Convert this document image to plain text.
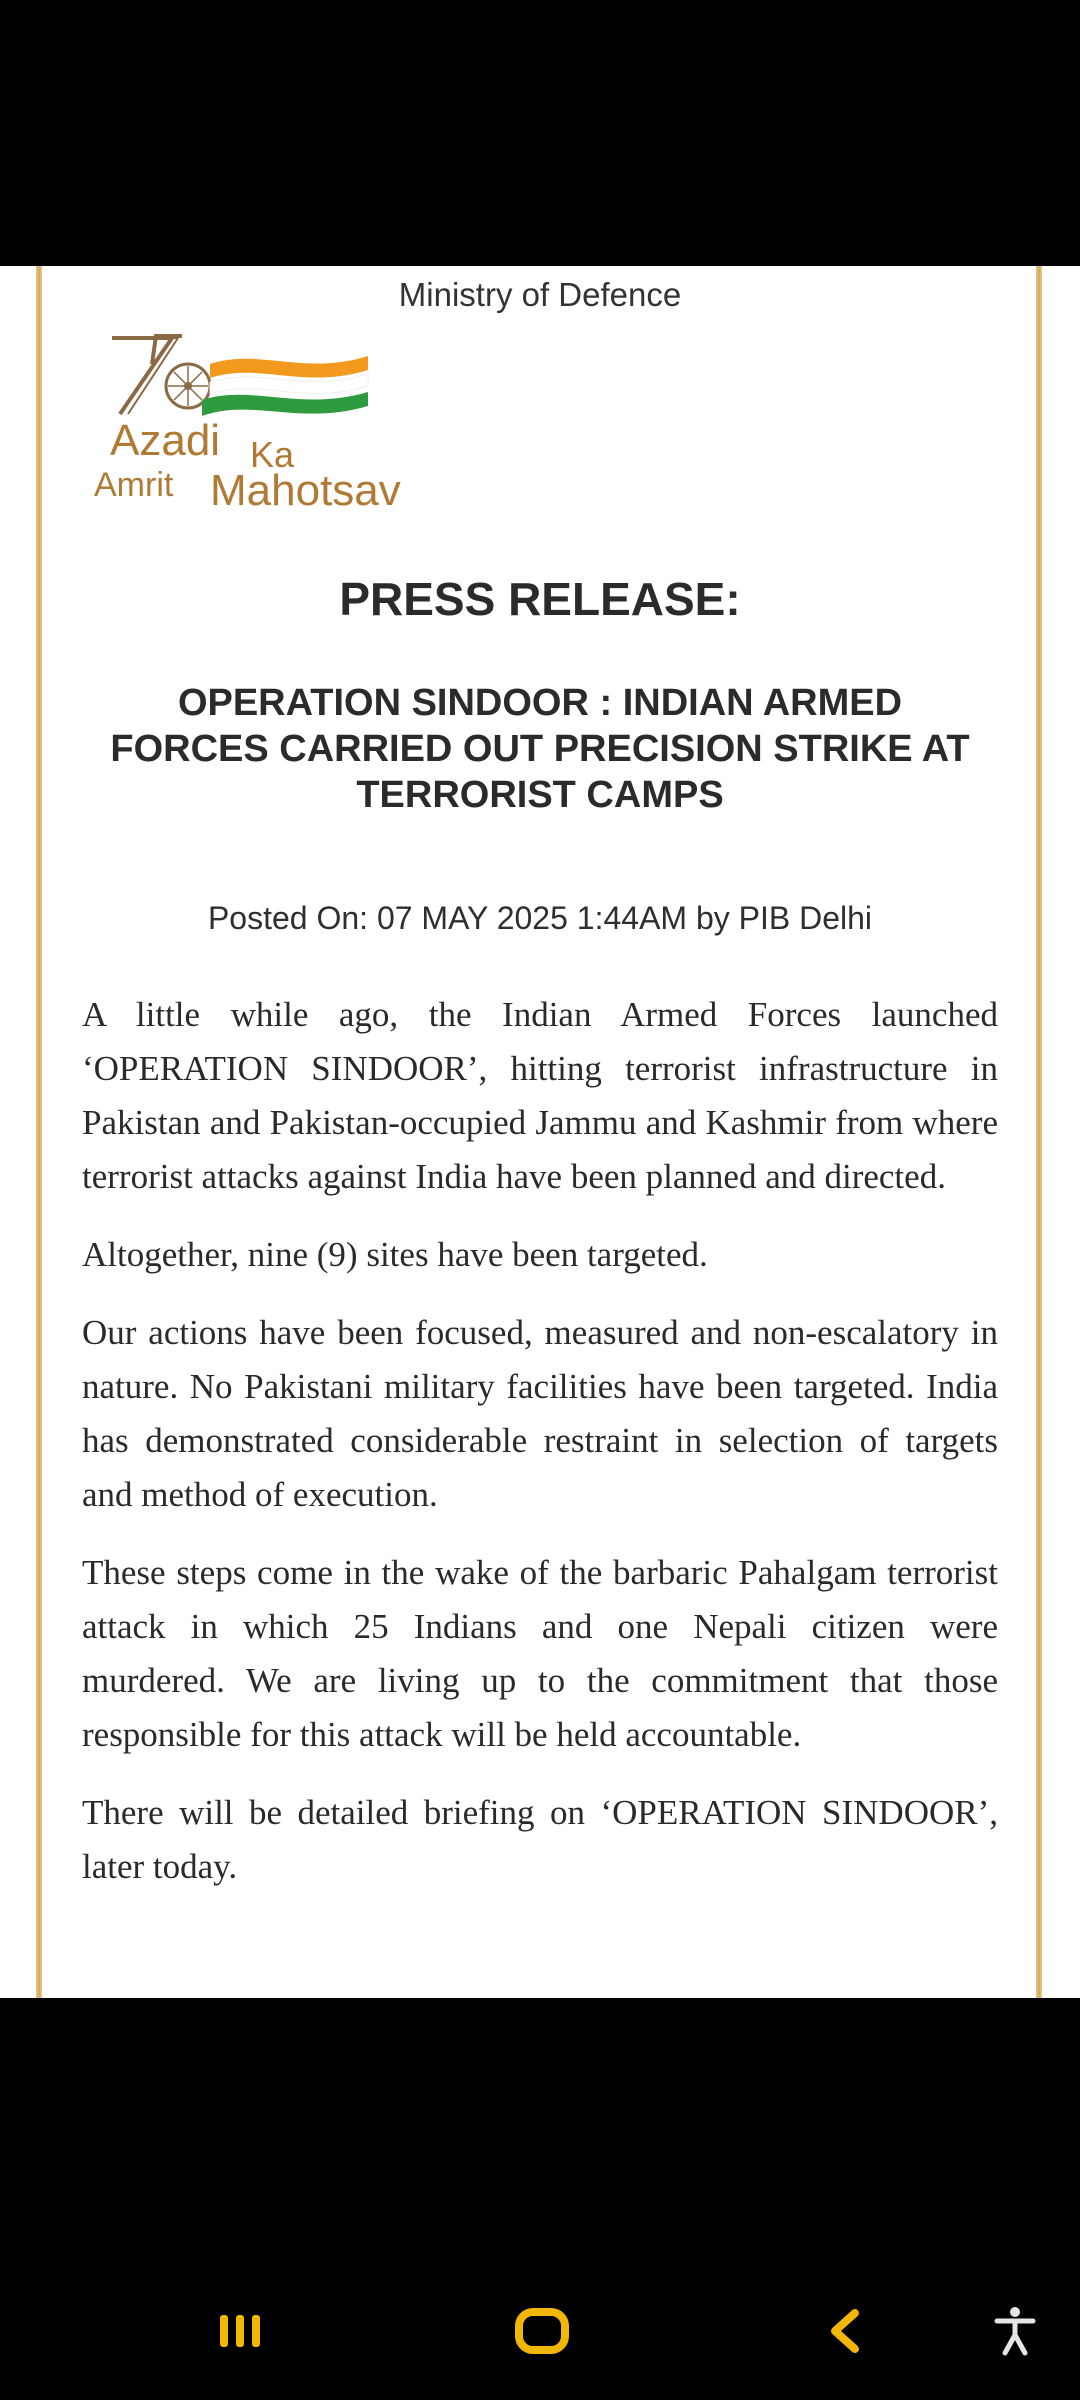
Ministry of Defence
Azadi Ka
Amrit Mahotsav
PRESS RELEASE:
OPERATION SINDOOR : INDIAN ARMED FORCES CARRIED OUT PRECISION STRIKE AT TERRORIST CAMPS
Posted On: 07 MAY 2025 1:44AM by PIB Delhi

A little while ago, the Indian Armed Forces launched ‘OPERATION SINDOOR’, hitting terrorist infrastructure in Pakistan and Pakistan-occupied Jammu and Kashmir from where terrorist attacks against India have been planned and directed.

Altogether, nine (9) sites have been targeted.

Our actions have been focused, measured and non-escalatory in nature. No Pakistani military facilities have been targeted. India has demonstrated considerable restraint in selection of targets and method of execution.

These steps come in the wake of the barbaric Pahalgam terrorist attack in which 25 Indians and one Nepali citizen were murdered. We are living up to the commitment that those responsible for this attack will be held accountable.

There will be detailed briefing on ‘OPERATION SINDOOR’, later today.
